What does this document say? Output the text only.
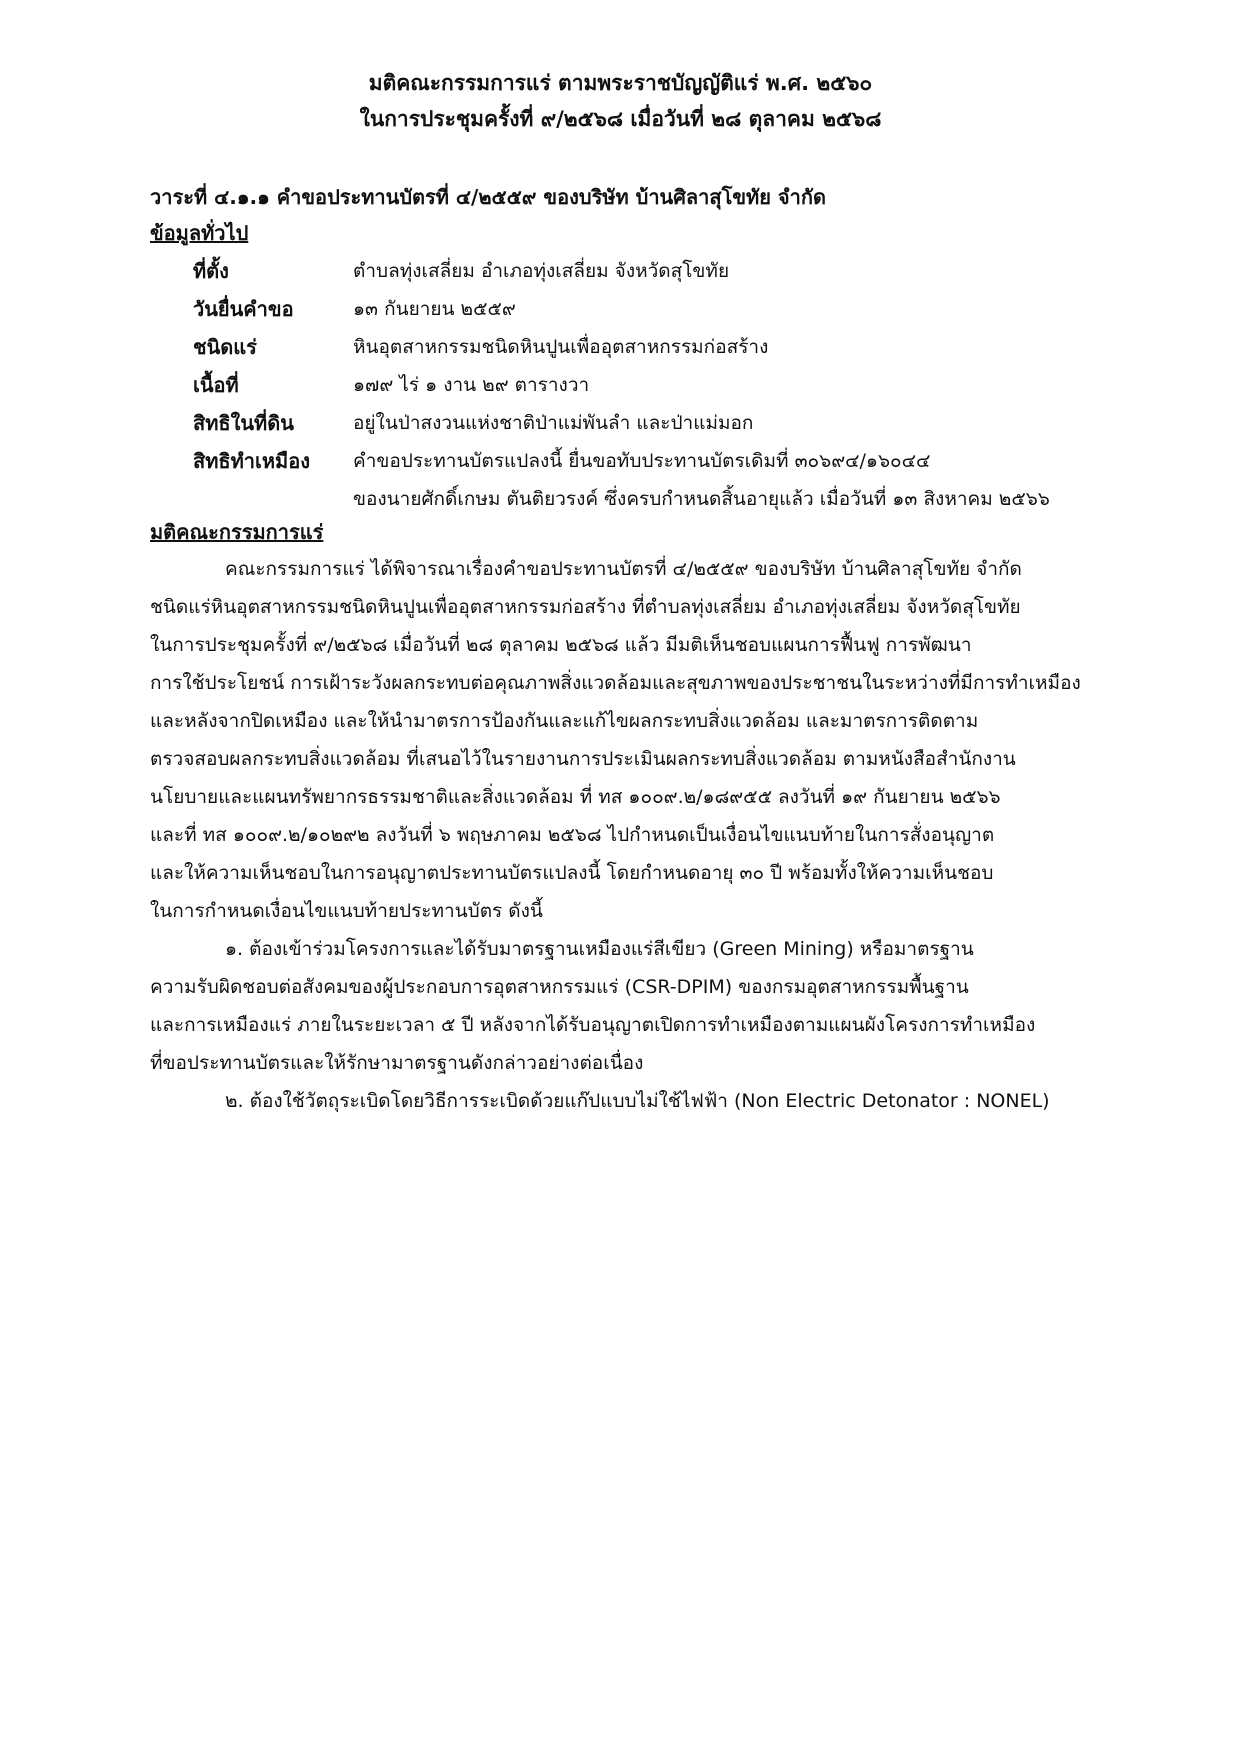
มติคณะกรรมการแร่ ตามพระราชบัญญัติแร่ พ.ศ. ๒๕๖๐
ในการประชุมครั้งที่ ๙/๒๕๖๘ เมื่อวันที่ ๒๘ ตุลาคม ๒๕๖๘
วาระที่ ๔.๑.๑ คำขอประทานบัตรที่ ๔/๒๕๕๙ ของบริษัท บ้านศิลาสุโขทัย จำกัด
ข้อมูลทั่วไป
ที่ตั้ง	ตำบลทุ่งเสลี่ยม อำเภอทุ่งเสลี่ยม จังหวัดสุโขทัย
วันยื่นคำขอ	๑๓ กันยายน ๒๕๕๙
ชนิดแร่	หินอุตสาหกรรมชนิดหินปูนเพื่ออุตสาหกรรมก่อสร้าง
เนื้อที่	๑๗๙ ไร่ ๑ งาน ๒๙ ตารางวา
สิทธิในที่ดิน	อยู่ในป่าสงวนแห่งชาติป่าแม่พันลำ และป่าแม่มอก
สิทธิทำเหมือง	คำขอประทานบัตรแปลงนี้ ยื่นขอทับประทานบัตรเดิมที่ ๓๐๖๙๔/๑๖๐๔๔
ของนายศักดิ์เกษม ตันติยวรงค์ ซึ่งครบกำหนดสิ้นอายุแล้ว เมื่อวันที่ ๑๓ สิงหาคม ๒๕๖๖
มติคณะกรรมการแร่
คณะกรรมการแร่ ได้พิจารณาเรื่องคำขอประทานบัตรที่ ๔/๒๕๕๙ ของบริษัท บ้านศิลาสุโขทัย จำกัด
ชนิดแร่หินอุตสาหกรรมชนิดหินปูนเพื่ออุตสาหกรรมก่อสร้าง ที่ตำบลทุ่งเสลี่ยม อำเภอทุ่งเสลี่ยม จังหวัดสุโขทัย
ในการประชุมครั้งที่ ๙/๒๕๖๘ เมื่อวันที่ ๒๘ ตุลาคม ๒๕๖๘ แล้ว มีมติเห็นชอบแผนการฟื้นฟู การพัฒนา
การใช้ประโยชน์ การเฝ้าระวังผลกระทบต่อคุณภาพสิ่งแวดล้อมและสุขภาพของประชาชนในระหว่างที่มีการทำเหมือง
และหลังจากปิดเหมือง และให้นำมาตรการป้องกันและแก้ไขผลกระทบสิ่งแวดล้อม และมาตรการติดตาม
ตรวจสอบผลกระทบสิ่งแวดล้อม ที่เสนอไว้ในรายงานการประเมินผลกระทบสิ่งแวดล้อม ตามหนังสือสำนักงาน
นโยบายและแผนทรัพยากรธรรมชาติและสิ่งแวดล้อม ที่ ทส ๑๐๐๙.๒/๑๘๙๕๕ ลงวันที่ ๑๙ กันยายน ๒๕๖๖
และที่ ทส ๑๐๐๙.๒/๑๐๒๙๒ ลงวันที่ ๖ พฤษภาคม ๒๕๖๘ ไปกำหนดเป็นเงื่อนไขแนบท้ายในการสั่งอนุญาต
และให้ความเห็นชอบในการอนุญาตประทานบัตรแปลงนี้ โดยกำหนดอายุ ๓๐ ปี พร้อมทั้งให้ความเห็นชอบ
ในการกำหนดเงื่อนไขแนบท้ายประทานบัตร ดังนี้
๑. ต้องเข้าร่วมโครงการและได้รับมาตรฐานเหมืองแร่สีเขียว (Green Mining) หรือมาตรฐาน
ความรับผิดชอบต่อสังคมของผู้ประกอบการอุตสาหกรรมแร่ (CSR-DPIM) ของกรมอุตสาหกรรมพื้นฐาน
และการเหมืองแร่ ภายในระยะเวลา ๕ ปี หลังจากได้รับอนุญาตเปิดการทำเหมืองตามแผนผังโครงการทำเหมือง
ที่ขอประทานบัตรและให้รักษามาตรฐานดังกล่าวอย่างต่อเนื่อง
๒. ต้องใช้วัตถุระเบิดโดยวิธีการระเบิดด้วยแก๊ปแบบไม่ใช้ไฟฟ้า (Non Electric Detonator : NONEL)
